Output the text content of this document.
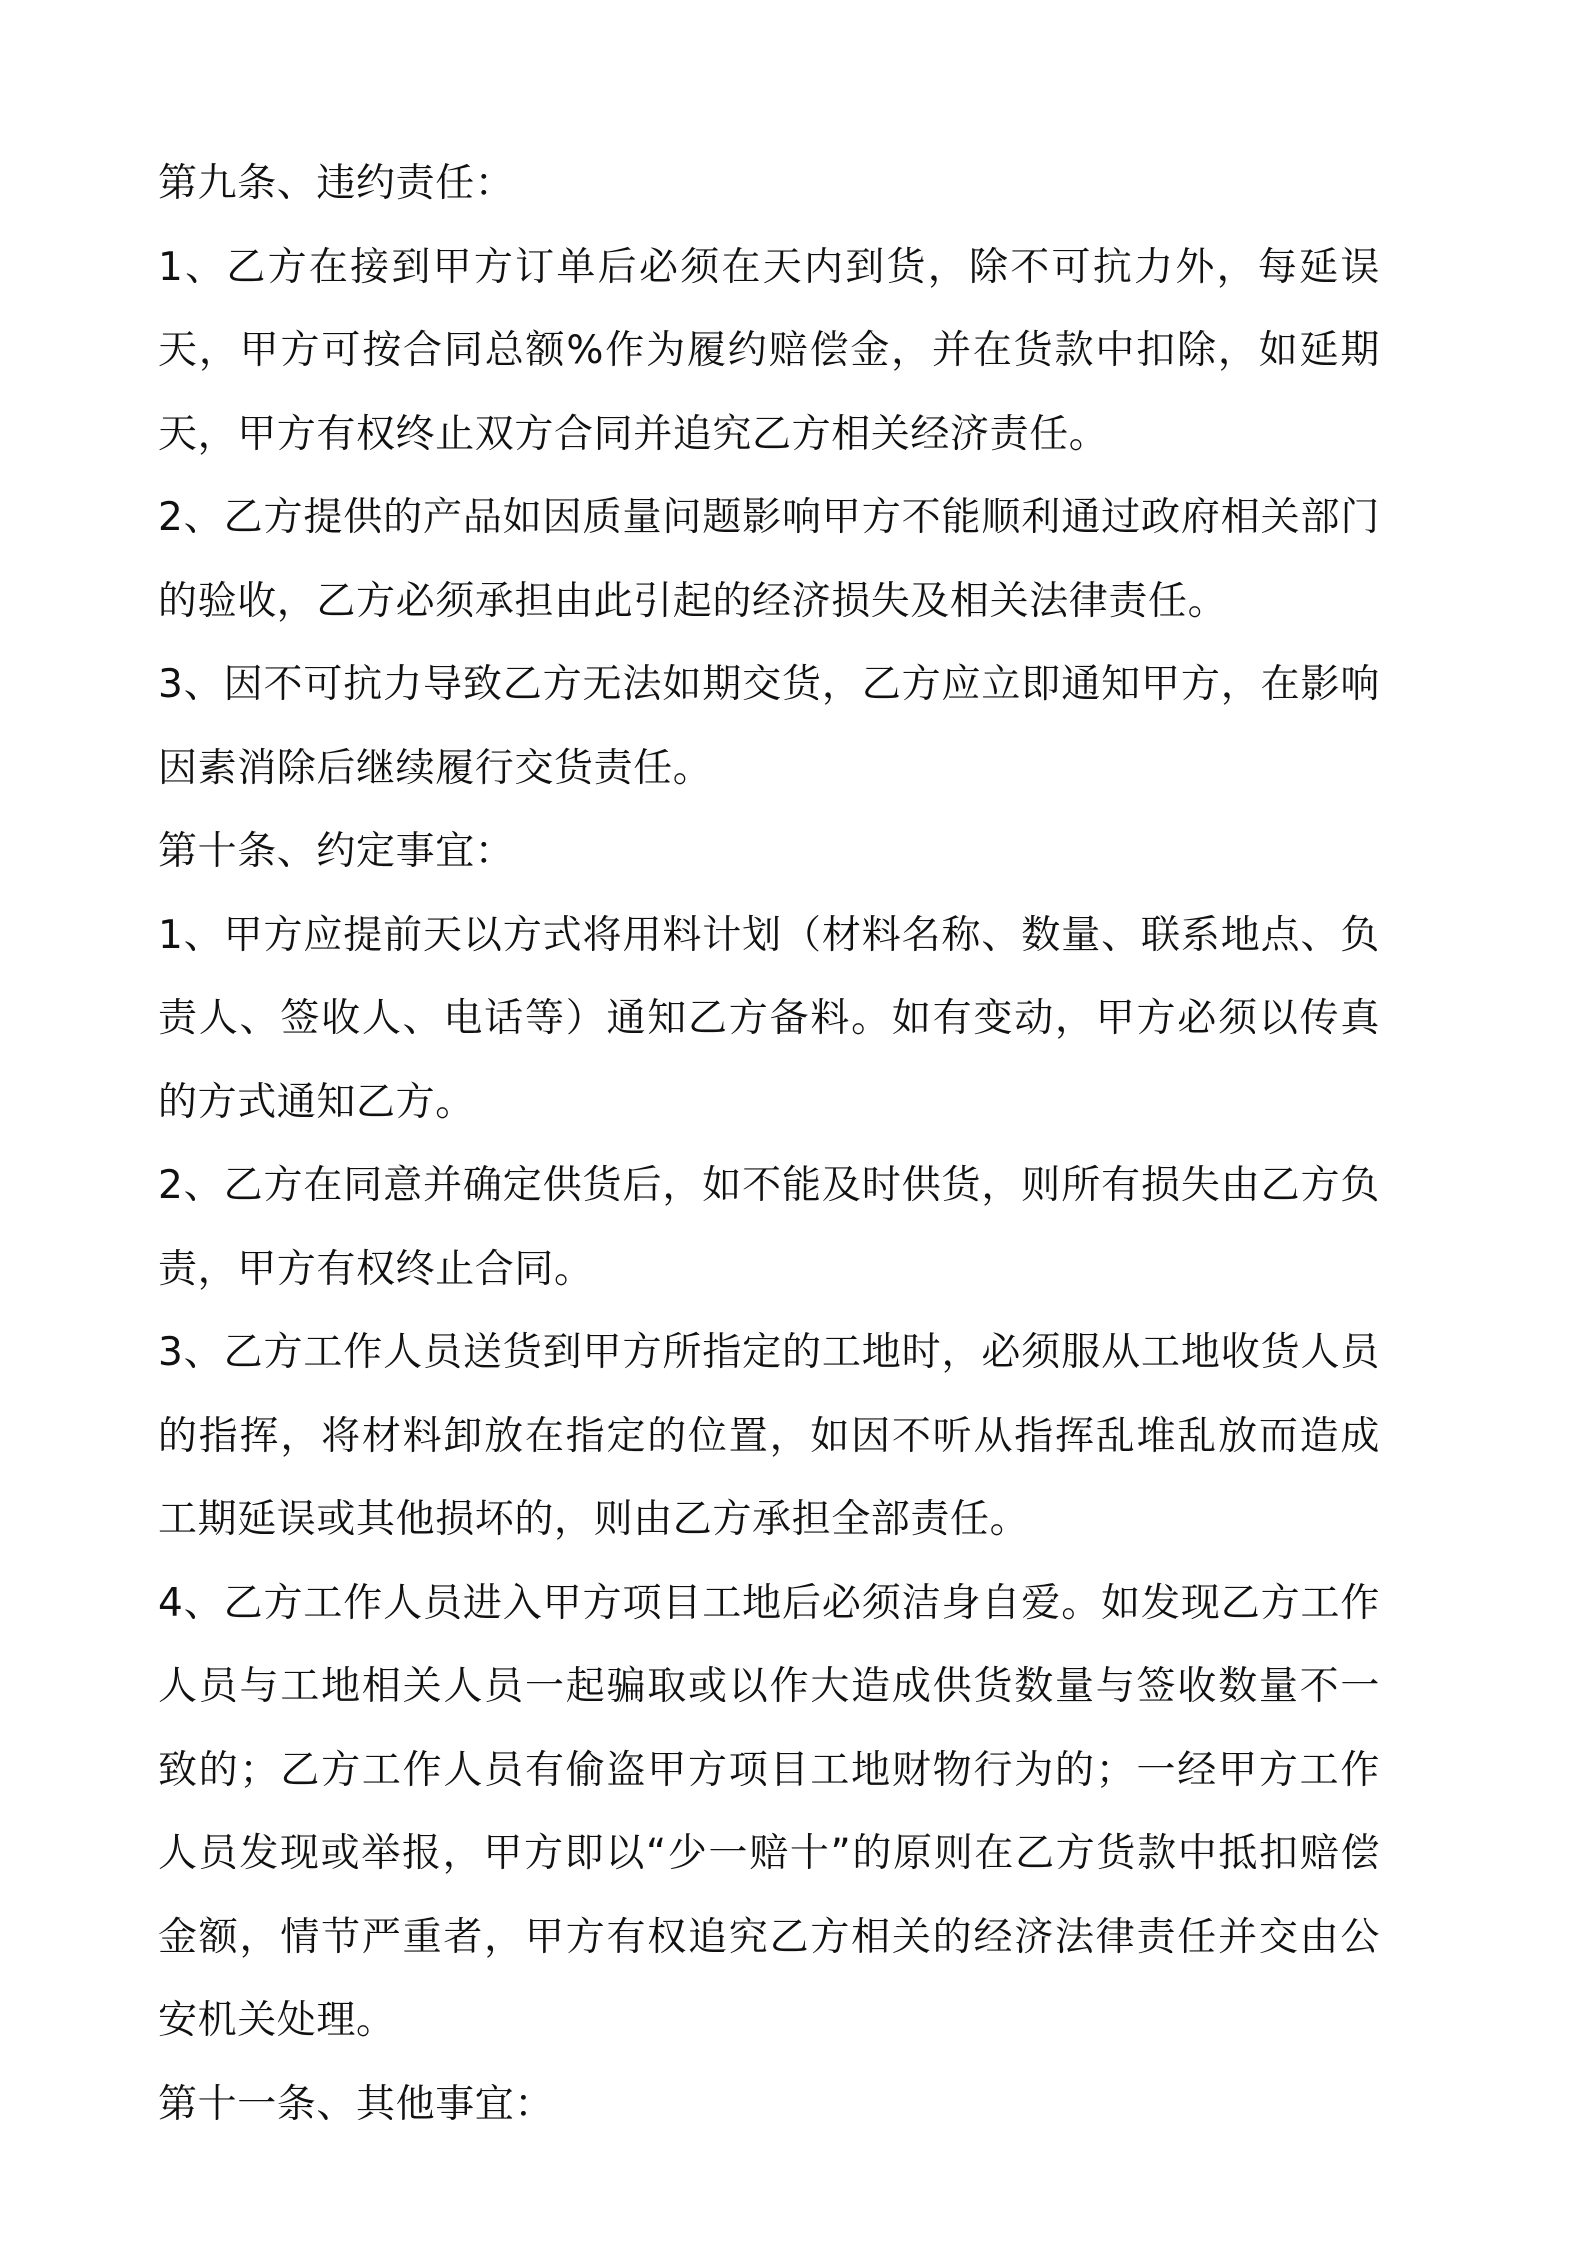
第九条、违约责任：

1、乙方在接到甲方订单后必须在天内到货，除不可抗力外，每延误天，甲方可按合同总额%作为履约赔偿金，并在货款中扣除，如延期天，甲方有权终止双方合同并追究乙方相关经济责任。

2、乙方提供的产品如因质量问题影响甲方不能顺利通过政府相关部门的验收，乙方必须承担由此引起的经济损失及相关法律责任。

3、因不可抗力导致乙方无法如期交货，乙方应立即通知甲方，在影响因素消除后继续履行交货责任。

第十条、约定事宜：

1、甲方应提前天以方式将用料计划（材料名称、数量、联系地点、负责人、签收人、电话等）通知乙方备料。如有变动，甲方必须以传真的方式通知乙方。

2、乙方在同意并确定供货后，如不能及时供货，则所有损失由乙方负责，甲方有权终止合同。

3、乙方工作人员送货到甲方所指定的工地时，必须服从工地收货人员的指挥，将材料卸放在指定的位置，如因不听从指挥乱堆乱放而造成工期延误或其他损坏的，则由乙方承担全部责任。

4、乙方工作人员进入甲方项目工地后必须洁身自爱。如发现乙方工作人员与工地相关人员一起骗取或以作大造成供货数量与签收数量不一致的；乙方工作人员有偷盗甲方项目工地财物行为的；一经甲方工作人员发现或举报，甲方即以“少一赔十”的原则在乙方货款中抵扣赔偿金额，情节严重者，甲方有权追究乙方相关的经济法律责任并交由公安机关处理。

第十一条、其他事宜：
